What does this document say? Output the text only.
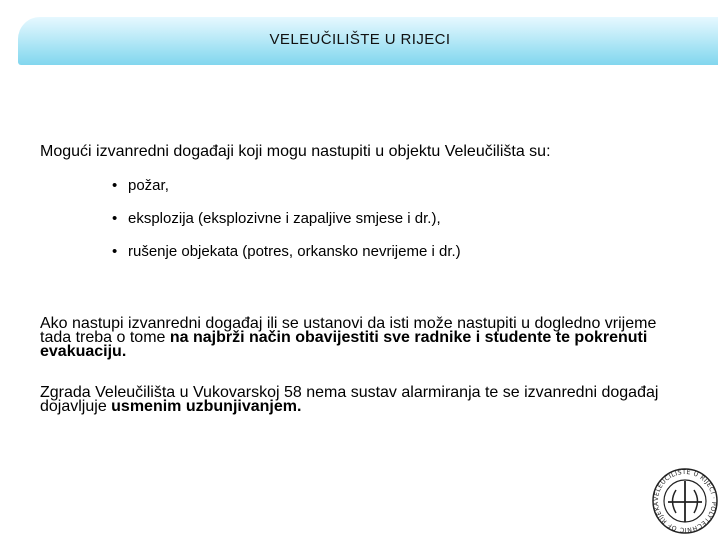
VELEUČILIŠTE U RIJECI

Mogući izvanredni događaji koji mogu nastupiti u objektu Veleučilišta su:

• požar,
• eksplozija (eksplozivne i zapaljive smjese i dr.),
• rušenje objekata (potres, orkansko nevrijeme i dr.)

Ako nastupi izvanredni događaj ili se ustanovi da isti može nastupiti u dogledno vrijeme tada treba o tome na najbrži način obavijestiti sve radnike i studente te pokrenuti evakuaciju.

Zgrada Veleučilišta u Vukovarskoj 58 nema sustav alarmiranja te se izvanredni događaj dojavljuje usmenim uzbunjivanjem.

VELEUČILIŠTE U RIJECI · POLYTECHNIC OF RIJEKA
